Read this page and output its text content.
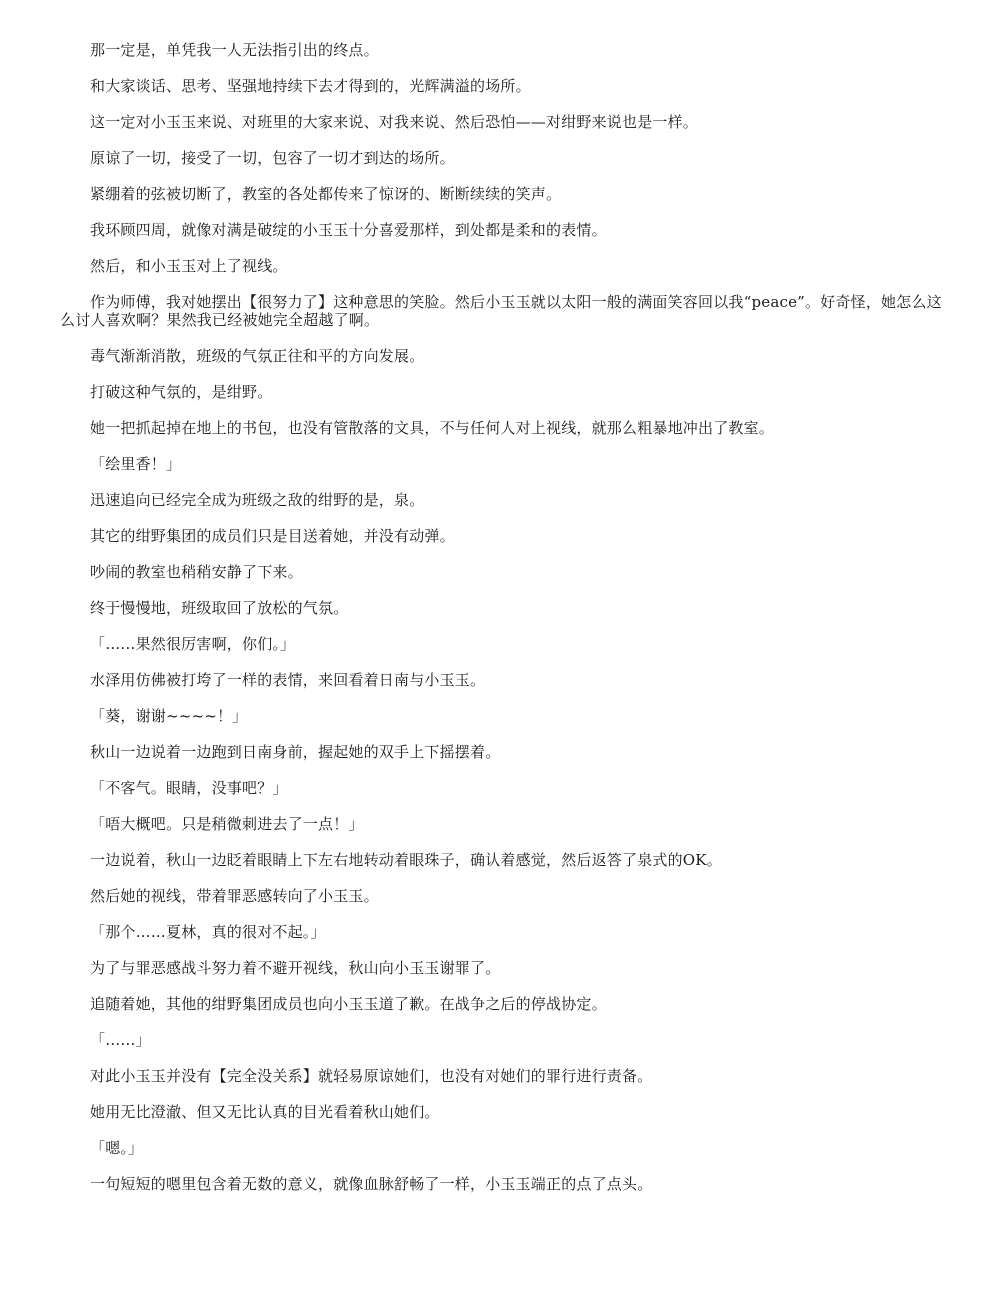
那一定是，单凭我一人无法指引出的终点。

和大家谈话、思考、坚强地持续下去才得到的，光辉满溢的场所。

这一定对小玉玉来说、对班里的大家来说、对我来说、然后恐怕——对绀野来说也是一样。

原谅了一切，接受了一切，包容了一切才到达的场所。

紧绷着的弦被切断了，教室的各处都传来了惊讶的、断断续续的笑声。

我环顾四周，就像对满是破绽的小玉玉十分喜爱那样，到处都是柔和的表情。

然后，和小玉玉对上了视线。

作为师傅，我对她摆出【很努力了】这种意思的笑脸。然后小玉玉就以太阳一般的满面笑容回以我“peace”。好奇怪，她怎么这么讨人喜欢啊？果然我已经被她完全超越了啊。

毒气渐渐消散，班级的气氛正往和平的方向发展。

打破这种气氛的，是绀野。

她一把抓起掉在地上的书包，也没有管散落的文具，不与任何人对上视线，就那么粗暴地冲出了教室。

「绘里香！」

迅速追向已经完全成为班级之敌的绀野的是，泉。

其它的绀野集团的成员们只是目送着她，并没有动弹。

吵闹的教室也稍稍安静了下来。

终于慢慢地，班级取回了放松的气氛。

「……果然很厉害啊，你们。」

水泽用仿佛被打垮了一样的表情，来回看着日南与小玉玉。

「葵，谢谢~~~~！」

秋山一边说着一边跑到日南身前，握起她的双手上下摇摆着。

「不客气。眼睛，没事吧？」

「唔大概吧。只是稍微刺进去了一点！」

一边说着，秋山一边眨着眼睛上下左右地转动着眼珠子，确认着感觉，然后返答了泉式的OK。

然后她的视线，带着罪恶感转向了小玉玉。

「那个……夏林，真的很对不起。」

为了与罪恶感战斗努力着不避开视线，秋山向小玉玉谢罪了。

追随着她，其他的绀野集团成员也向小玉玉道了歉。在战争之后的停战协定。

「……」

对此小玉玉并没有【完全没关系】就轻易原谅她们，也没有对她们的罪行进行责备。

她用无比澄澈、但又无比认真的目光看着秋山她们。

「嗯。」

一句短短的嗯里包含着无数的意义，就像血脉舒畅了一样，小玉玉端正的点了点头。
